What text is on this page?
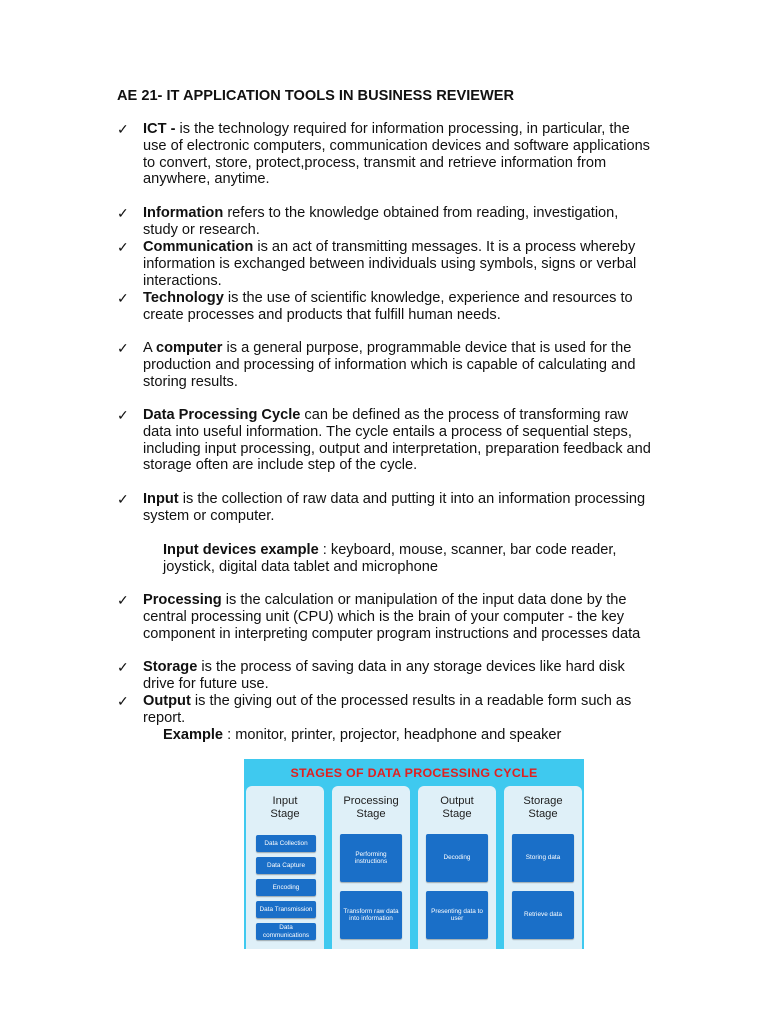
AE 21- IT APPLICATION TOOLS IN BUSINESS REVIEWER
✓ ICT - is the technology required for information processing, in particular, the use of electronic computers, communication devices and software applications to convert, store, protect,process, transmit and retrieve information from anywhere, anytime.
✓ Information refers to the knowledge obtained from reading, investigation, study or research.
✓ Communication is an act of transmitting messages. It is a process whereby information is exchanged between individuals using symbols, signs or verbal interactions.
✓ Technology is the use of scientific knowledge, experience and resources to create processes and products that fulfill human needs.
✓ A computer is a general purpose, programmable device that is used for the production and processing of information which is capable of calculating and storing results.
✓ Data Processing Cycle can be defined as the process of transforming raw data into useful information. The cycle entails a process of sequential steps, including input processing, output and interpretation, preparation feedback and storage often are include step of the cycle.
✓ Input is the collection of raw data and putting it into an information processing system or computer.
Input devices example : keyboard, mouse, scanner, bar code reader, joystick, digital data tablet and microphone
✓ Processing is the calculation or manipulation of the input data done by the central processing unit (CPU) which is the brain of your computer - the key component in interpreting computer program instructions and processes data
✓ Storage is the process of saving data in any storage devices like hard disk drive for future use.
✓ Output is the giving out of the processed results in a readable form such as report.
Example : monitor, printer, projector, headphone and speaker
STAGES OF DATA PROCESSING CYCLE
Input
Stage
Data Collection
Data Capture
Encoding
Data Transmission
Data communications
Processing
Stage
Performing instructions
Transform raw data into information
Output
Stage
Decoding
Presenting data to user
Storage
Stage
Storing data
Retrieve data
